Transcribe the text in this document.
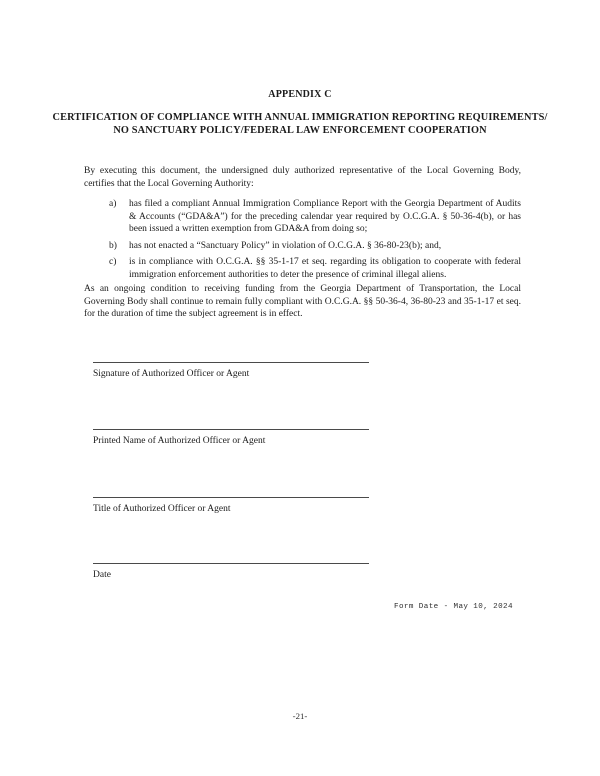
APPENDIX C
CERTIFICATION OF COMPLIANCE WITH ANNUAL IMMIGRATION REPORTING REQUIREMENTS/
NO SANCTUARY POLICY/FEDERAL LAW ENFORCEMENT COOPERATION

By executing this document, the undersigned duly authorized representative of the Local Governing Body, certifies that the Local Governing Authority:

a) has filed a compliant Annual Immigration Compliance Report with the Georgia Department of Audits & Accounts (“GDA&A”) for the preceding calendar year required by O.C.G.A. § 50-36-4(b), or has been issued a written exemption from GDA&A from doing so;
b) has not enacted a “Sanctuary Policy” in violation of O.C.G.A. § 36-80-23(b); and,
c) is in compliance with O.C.G.A. §§ 35-1-17 et seq. regarding its obligation to cooperate with federal immigration enforcement authorities to deter the presence of criminal illegal aliens.

As an ongoing condition to receiving funding from the Georgia Department of Transportation, the Local Governing Body shall continue to remain fully compliant with O.C.G.A. §§ 50-36-4, 36-80-23 and 35-1-17 et seq. for the duration of time the subject agreement is in effect.

Signature of Authorized Officer or Agent
Printed Name of Authorized Officer or Agent
Title of Authorized Officer or Agent
Date
Form Date - May 10, 2024
-21-
